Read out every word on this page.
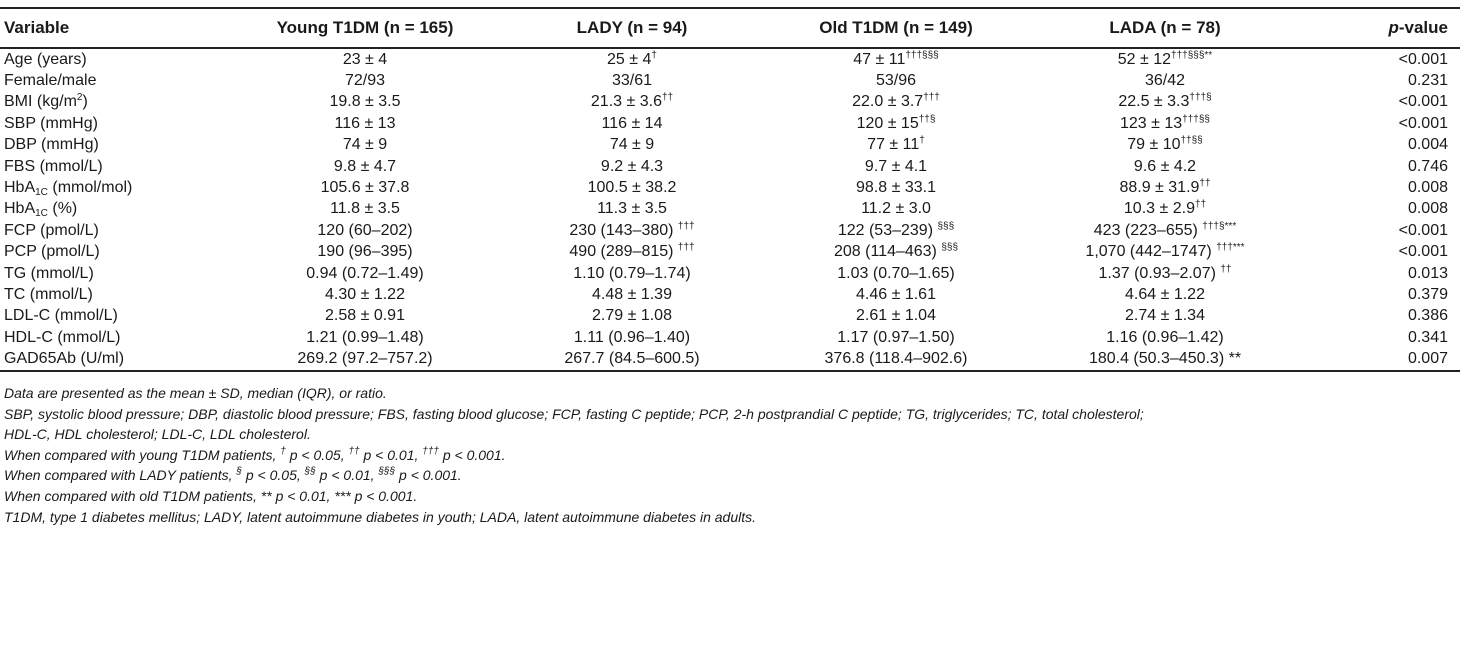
Variable	Young T1DM (n = 165)	LADY (n = 94)	Old T1DM (n = 149)	LADA (n = 78)	p-value
Age (years)	23 ± 4	25 ± 4†	47 ± 11†††§§§	52 ± 12†††§§§**	<0.001
Female/male	72/93	33/61	53/96	36/42	0.231
BMI $(kg/m^2)$	19.8 ± 3.5	21.3 ± 3.6††	22.0 ± 3.7†††	22.5 ± 3.3†††§	<0.001
SBP (mmHg)	116 ± 13	116 ± 14	120 ± 15††§	123 ± 13†††§§	<0.001
DBP (mmHg)	74 ± 9	74 ± 9	77 ± 11†	79 ± 10††§§	0.004
FBS (mmol/L)	9.8 ± 4.7	9.2 ± 4.3	9.7 ± 4.1	9.6 ± 4.2	0.746
HbA$_{1C}$ (mmol/mol)	105.6 ± 37.8	100.5 ± 38.2	98.8 ± 33.1	88.9 ± 31.9††	0.008
HbA$_{1C}$ (%)	11.8 ± 3.5	11.3 ± 3.5	11.2 ± 3.0	10.3 ± 2.9††	0.008
FCP (pmol/L)	120 (60–202)	230 (143–380) †††	122 (53–239) §§§	423 (223–655) †††§***	<0.001
PCP (pmol/L)	190 (96–395)	490 (289–815) †††	208 (114–463) §§§	1,070 (442–1747) †††***	<0.001
TG (mmol/L)	0.94 (0.72–1.49)	1.10 (0.79–1.74)	1.03 (0.70–1.65)	1.37 (0.93–2.07) ††	0.013
TC (mmol/L)	4.30 ± 1.22	4.48 ± 1.39	4.46 ± 1.61	4.64 ± 1.22	0.379
LDL-C (mmol/L)	2.58 ± 0.91	2.79 ± 1.08	2.61 ± 1.04	2.74 ± 1.34	0.386
HDL-C (mmol/L)	1.21 (0.99–1.48)	1.11 (0.96–1.40)	1.17 (0.97–1.50)	1.16 (0.96–1.42)	0.341
GAD65Ab (U/ml)	269.2 (97.2–757.2)	267.7 (84.5–600.5)	376.8 (118.4–902.6)	180.4 (50.3–450.3) **	0.007
Data are presented as the mean ± SD, median (IQR), or ratio.
SBP, systolic blood pressure; DBP, diastolic blood pressure; FBS, fasting blood glucose; FCP, fasting C peptide; PCP, 2-h postprandial C peptide; TG, triglycerides; TC, total cholesterol;
HDL-C, HDL cholesterol; LDL-C, LDL cholesterol.
When compared with young T1DM patients, † p < 0.05, †† p < 0.01, ††† p < 0.001.
When compared with LADY patients, § p < 0.05, §§ p < 0.01, §§§ p < 0.001.
When compared with old T1DM patients, ** p < 0.01, *** p < 0.001.
T1DM, type 1 diabetes mellitus; LADY, latent autoimmune diabetes in youth; LADA, latent autoimmune diabetes in adults.
